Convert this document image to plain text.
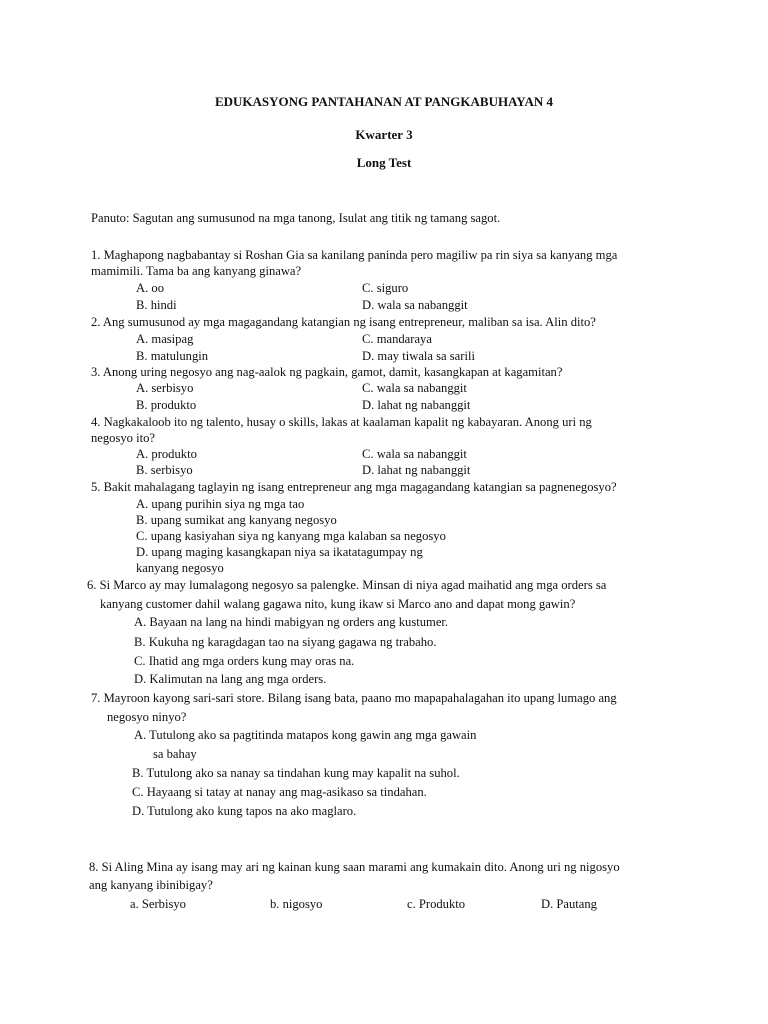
EDUKASYONG PANTAHANAN AT PANGKABUHAYAN 4
Kwarter 3
Long Test
Panuto: Sagutan ang sumusunod na mga tanong, Isulat ang titik ng tamang sagot.
1. Maghapong nagbabantay si Roshan Gia sa kanilang paninda pero magiliw pa rin siya sa kanyang mga
mamimili. Tama ba ang kanyang ginawa?
A. oo
B. hindi
C. siguro
D. wala sa nabanggit
2. Ang sumusunod ay mga magagandang katangian ng isang entrepreneur, maliban sa isa. Alin dito?
A. masipag
B. matulungin
C. mandaraya
D. may tiwala sa sarili
3. Anong uring negosyo ang nag-aalok ng pagkain, gamot, damit, kasangkapan at kagamitan?
A. serbisyo
B. produkto
C. wala sa nabanggit
D. lahat ng nabanggit
4. Nagkakaloob ito ng talento, husay o skills, lakas at kaalaman kapalit ng kabayaran. Anong uri ng
negosyo ito?
A. produkto
B. serbisyo
C. wala sa nabanggit
D. lahat ng nabanggit
5. Bakit mahalagang taglayin ng isang entrepreneur ang mga magagandang katangian sa pagnenegosyo?
A. upang purihin siya ng mga tao
B. upang sumikat ang kanyang negosyo
C. upang kasiyahan siya ng kanyang mga kalaban sa negosyo
D. upang maging kasangkapan niya sa ikatatagumpay ng
kanyang negosyo
6. Si Marco ay may lumalagong negosyo sa palengke. Minsan di niya agad maihatid ang mga orders sa
kanyang customer dahil walang gagawa nito, kung ikaw si Marco ano and dapat mong gawin?
A. Bayaan na lang na hindi mabigyan ng orders ang kustumer.
B. Kukuha ng karagdagan tao na siyang gagawa ng trabaho.
C. Ihatid ang mga orders kung may oras na.
D. Kalimutan na lang ang mga orders.
7. Mayroon kayong sari-sari store. Bilang isang bata, paano mo mapapahalagahan ito upang lumago ang
negosyo ninyo?
A. Tutulong ako sa pagtitinda matapos kong gawin ang mga gawain
sa bahay
B. Tutulong ako sa nanay sa tindahan kung may kapalit na suhol.
C. Hayaang si tatay at nanay ang mag-asikaso sa tindahan.
D. Tutulong ako kung tapos na ako maglaro.
8. Si Aling Mina ay isang may ari ng kainan kung saan marami ang kumakain dito. Anong uri ng nigosyo
ang kanyang ibinibigay?
a. Serbisyo	b. nigosyo	c. Produkto	D. Pautang
